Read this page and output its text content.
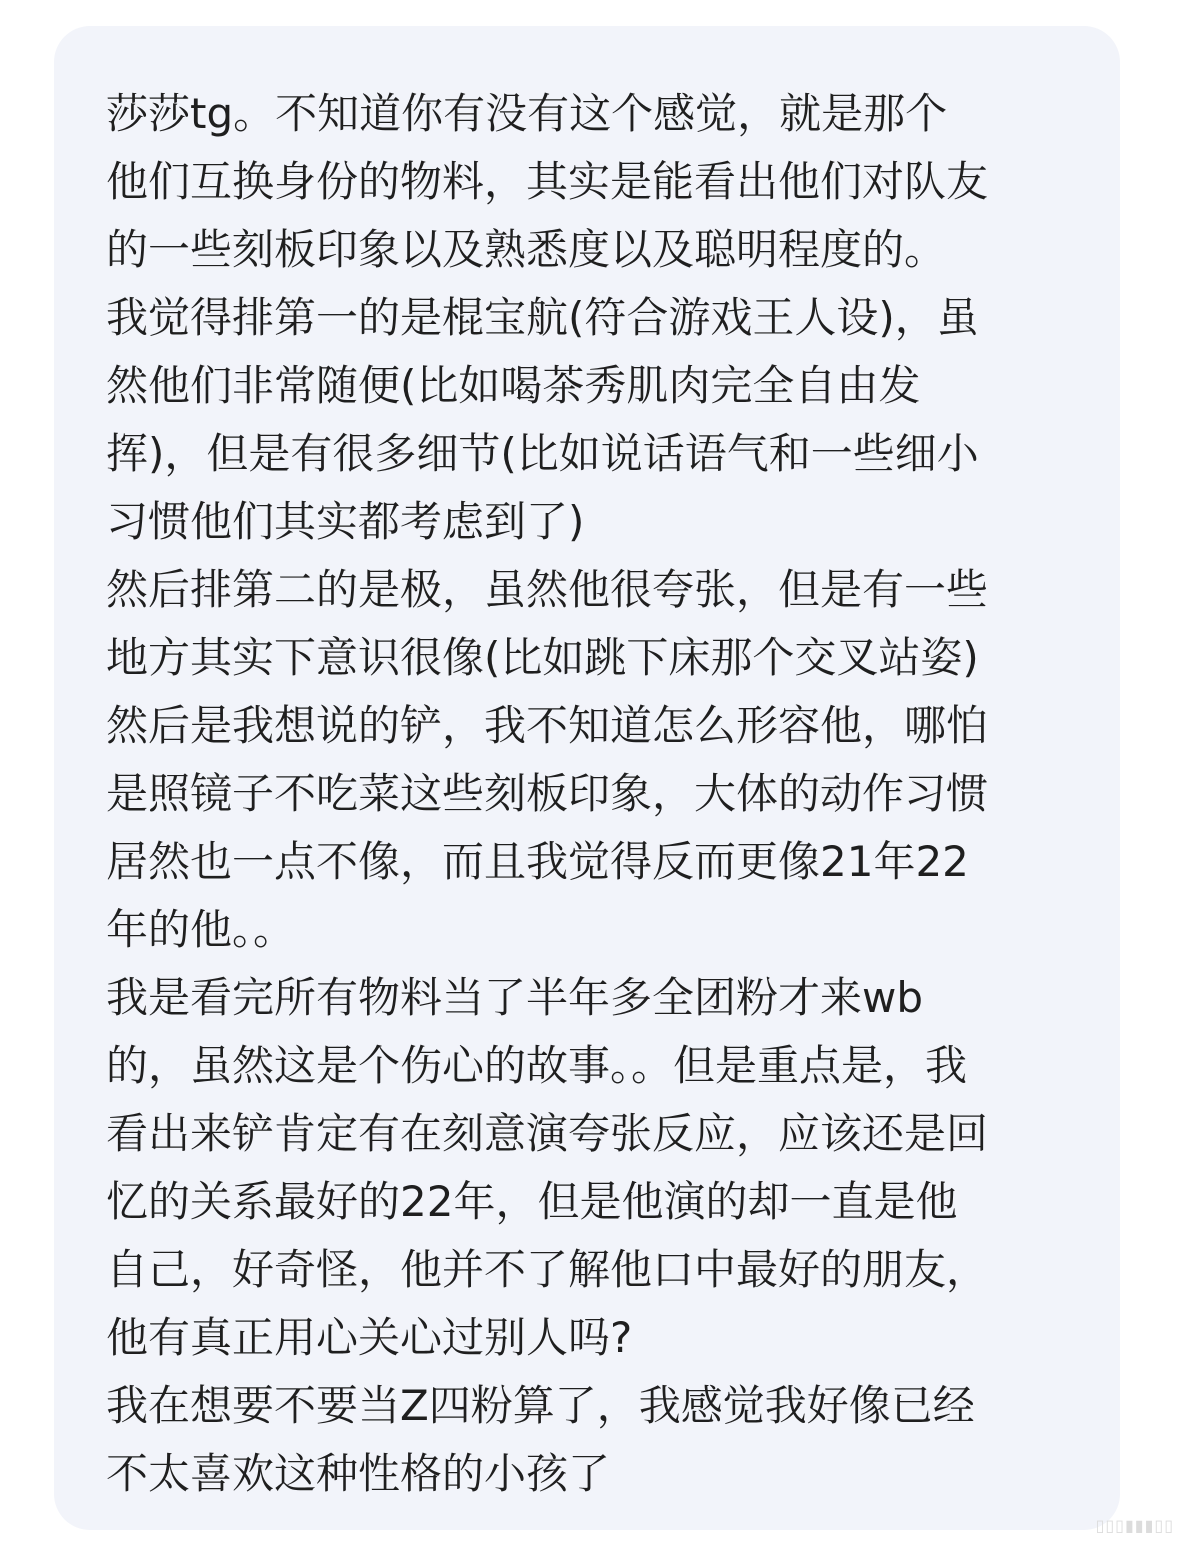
莎莎tg。不知道你有没有这个感觉，就是那个
他们互换身份的物料，其实是能看出他们对队友
的一些刻板印象以及熟悉度以及聪明程度的。
我觉得排第一的是棍宝航(符合游戏王人设)，虽
然他们非常随便(比如喝茶秀肌肉完全自由发
挥)，但是有很多细节(比如说话语气和一些细小
习惯他们其实都考虑到了)
然后排第二的是极，虽然他很夸张，但是有一些
地方其实下意识很像(比如跳下床那个交叉站姿)
然后是我想说的铲，我不知道怎么形容他，哪怕
是照镜子不吃菜这些刻板印象，大体的动作习惯
居然也一点不像，而且我觉得反而更像21年22
年的他。。
我是看完所有物料当了半年多全团粉才来wb
的，虽然这是个伤心的故事。。但是重点是，我
看出来铲肯定有在刻意演夸张反应，应该还是回
忆的关系最好的22年，但是他演的却一直是他
自己，好奇怪，他并不了解他口中最好的朋友，
他有真正用心关心过别人吗?
我在想要不要当Z四粉算了，我感觉我好像已经
不太喜欢这种性格的小孩了
▯▯▯▮▮▮▯▯
